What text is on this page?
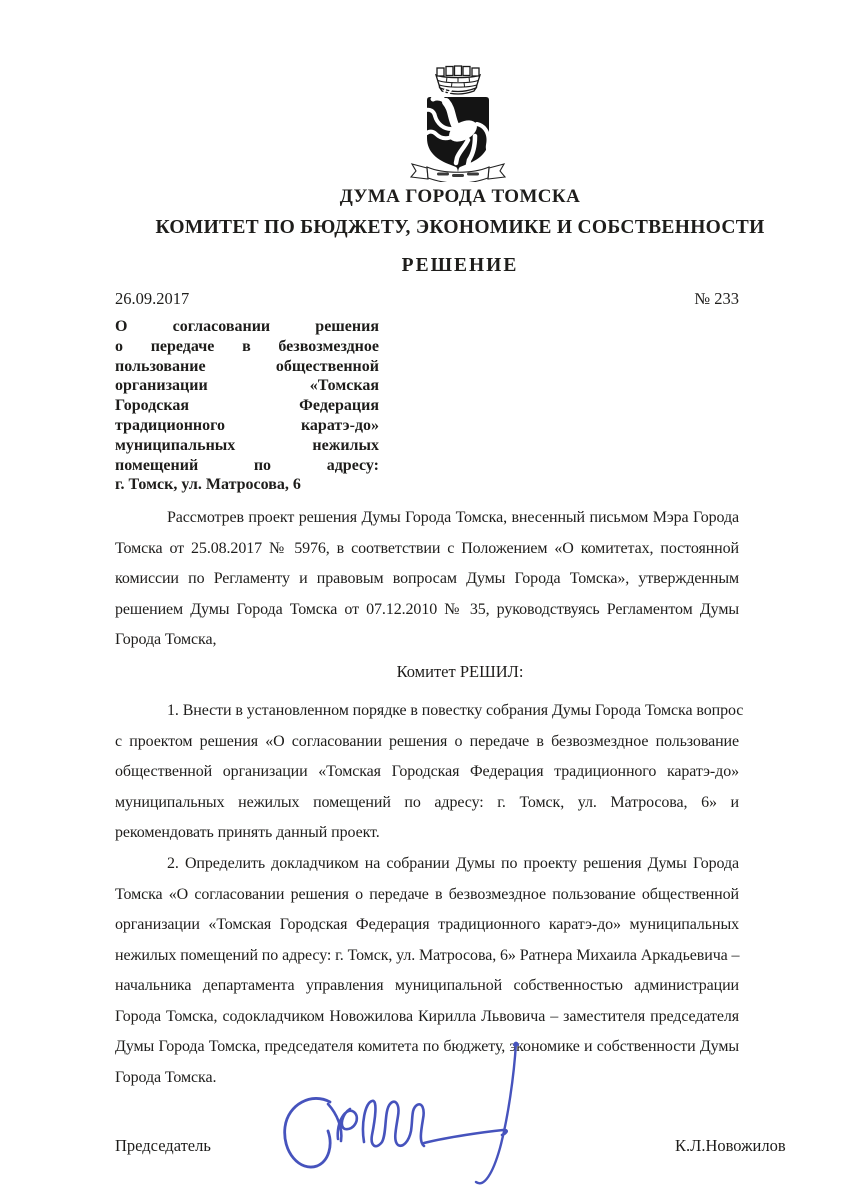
ДУМА ГОРОДА ТОМСКА
КОМИТЕТ ПО БЮДЖЕТУ, ЭКОНОМИКЕ И СОБСТВЕННОСТИ
РЕШЕНИЕ
26.09.2017	№ 233
О согласовании решения
о передаче в безвозмездное
пользование общественной
организации «Томская
Городская Федерация
традиционного каратэ-до»
муниципальных нежилых
помещений по адресу:
г. Томск, ул. Матросова, 6
Рассмотрев проект решения Думы Города Томска, внесенный письмом Мэра Города
Томска от 25.08.2017 № 5976, в соответствии с Положением «О комитетах, постоянной
комиссии по Регламенту и правовым вопросам Думы Города Томска», утвержденным
решением Думы Города Томска от 07.12.2010 № 35, руководствуясь Регламентом Думы
Города Томска,
Комитет РЕШИЛ:
1. Внести в установленном порядке в повестку собрания Думы Города Томска вопрос
с проектом решения «О согласовании решения о передаче в безвозмездное пользование
общественной организации «Томская Городская Федерация традиционного каратэ-до»
муниципальных нежилых помещений по адресу: г. Томск, ул. Матросова, 6» и
рекомендовать принять данный проект.
2. Определить докладчиком на собрании Думы по проекту решения Думы Города
Томска «О согласовании решения о передаче в безвозмездное пользование общественной
организации «Томская Городская Федерация традиционного каратэ-до» муниципальных
нежилых помещений по адресу: г. Томск, ул. Матросова, 6» Ратнера Михаила Аркадьевича –
начальника департамента управления муниципальной собственностью администрации
Города Томска, содокладчиком Новожилова Кирилла Львовича – заместителя председателя
Думы Города Томска, председателя комитета по бюджету, экономике и собственности Думы
Города Томска.
Председатель	К.Л.Новожилов
